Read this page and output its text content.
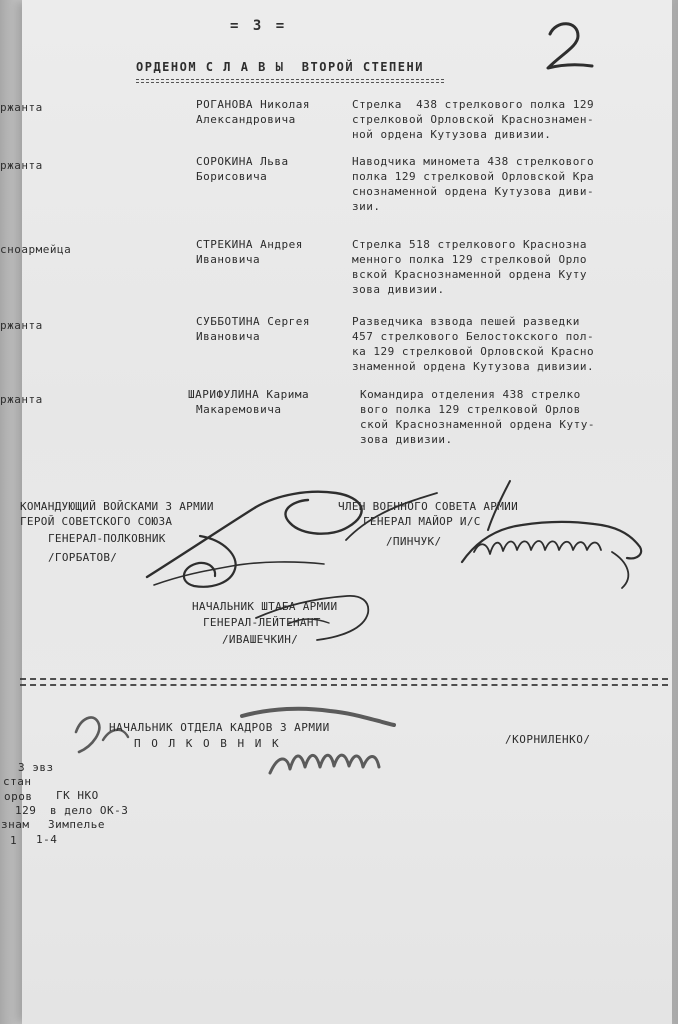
= 3 =
ОРДЕНОМ С Л А В Ы  ВТОРОЙ СТЕПЕНИ
ржанта	РОГАНОВА Николая
Александровича
Стрелка  438 стрелкового полка 129
стрелковой Орловской Краснознамен-
ной ордена Кутузова дивизии.
ржанта	СОРОКИНА Льва
Борисовича
Наводчика миномета 438 стрелкового
полка 129 стрелковой Орловской Кра
снознаменной ордена Кутузова диви-
зии.
сноармейца	СТРЕКИНА Андрея
Ивановича
Стрелка 518 стрелкового Краснозна
менного полка 129 стрелковой Орло
вской Краснознаменной ордена Куту
зова дивизии.
ржанта	СУББОТИНА Сергея
Ивановича
Разведчика взвода пешей разведки
457 стрелкового Белостокского пол-
ка 129 стрелковой Орловской Красно
знаменной ордена Кутузова дивизии.
ржанта	ШАРИФУЛИНА Карима
Макаремовича
Командира отделения 438 стрелко
вого полка 129 стрелковой Орлов
ской Краснознаменной ордена Куту-
зова дивизии.
КОМАНДУЮЩИЙ ВОЙСКАМИ 3 АРМИИ
ГЕРОЙ СОВЕТСКОГО СОЮЗА
ГЕНЕРАЛ-ПОЛКОВНИК
/ГОРБАТОВ/
ЧЛЕН ВОЕННОГО СОВЕТА АРМИИ
ГЕНЕРАЛ МАЙОР И/С
/ПИНЧУК/
НАЧАЛЬНИК ШТАБА АРМИИ
ГЕНЕРАЛ-ЛЕЙТЕНАНТ
/ИВАШЕЧКИН/
НАЧАЛЬНИК ОТДЕЛА КАДРОВ 3 АРМИИ
П О Л К О В Н И К	/КОРНИЛЕНКО/
3 эвз
стан
оров
129
знам
1
ГК НКО
в дело ОК-3
Зимпелье
1-4
